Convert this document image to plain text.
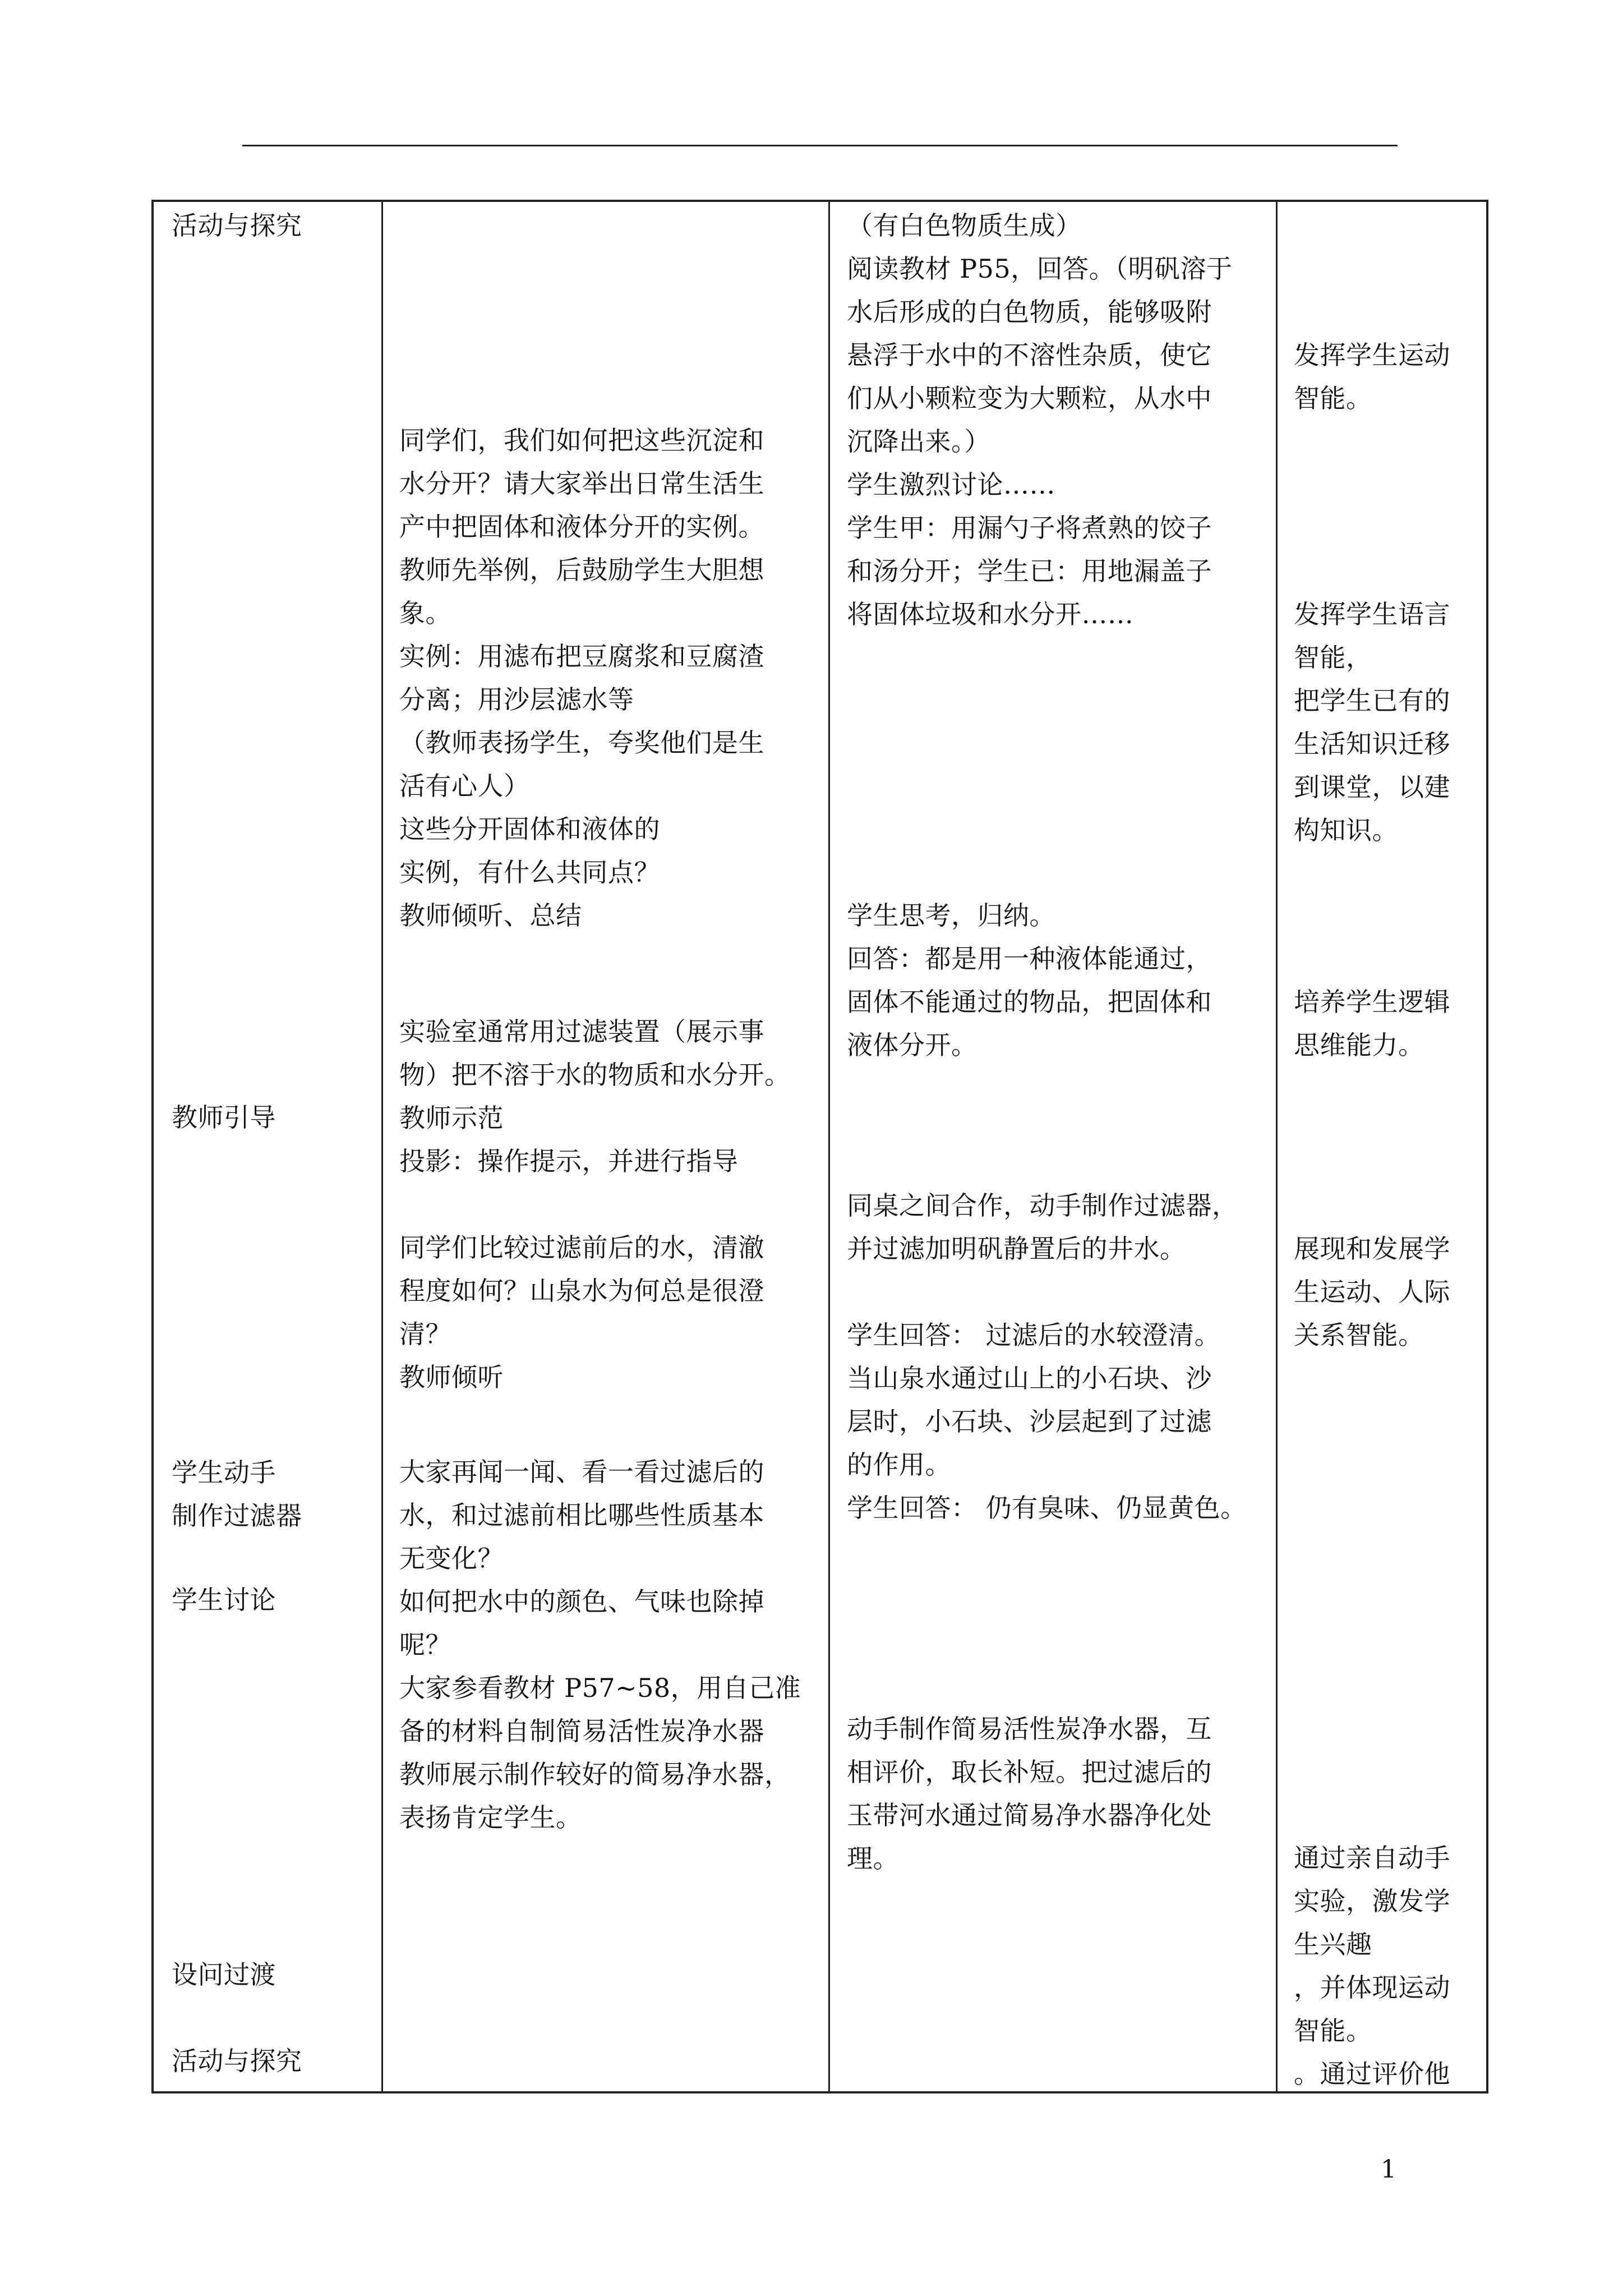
活动与探究
教师引导
学生动手
制作过滤器
学生讨论
设问过渡
活动与探究
同学们，我们如何把这些沉淀和
水分开？请大家举出日常生活生
产中把固体和液体分开的实例。
教师先举例，后鼓励学生大胆想
象。
实例：用滤布把豆腐浆和豆腐渣
分离；用沙层滤水等
（教师表扬学生，夸奖他们是生
活有心人）
这些分开固体和液体的
实例，有什么共同点？
教师倾听、总结
实验室通常用过滤装置（展示事
物）把不溶于水的物质和水分开。
教师示范
投影：操作提示，并进行指导
同学们比较过滤前后的水，清澈
程度如何？山泉水为何总是很澄
清？
教师倾听
大家再闻一闻、看一看过滤后的
水，和过滤前相比哪些性质基本
无变化？
如何把水中的颜色、气味也除掉
呢？
大家参看教材 P57~58，用自己准
备的材料自制简易活性炭净水器
教师展示制作较好的简易净水器，
表扬肯定学生。
（有白色物质生成）
阅读教材 P55，回答。（明矾溶于
水后形成的白色物质，能够吸附
悬浮于水中的不溶性杂质，使它
们从小颗粒变为大颗粒，从水中
沉降出来。）
学生激烈讨论……
学生甲：用漏勺子将煮熟的饺子
和汤分开；学生已：用地漏盖子
将固体垃圾和水分开……
学生思考，归纳。
回答：都是用一种液体能通过，
固体不能通过的物品，把固体和
液体分开。
同桌之间合作，动手制作过滤器，
并过滤加明矾静置后的井水。
学生回答： 过滤后的水较澄清。
当山泉水通过山上的小石块、沙
层时，小石块、沙层起到了过滤
的作用。
学生回答： 仍有臭味、仍显黄色。
动手制作简易活性炭净水器，互
相评价，取长补短。把过滤后的
玉带河水通过简易净水器净化处
理。
发挥学生运动
智能。
发挥学生语言
智能，
把学生已有的
生活知识迁移
到课堂，以建
构知识。
培养学生逻辑
思维能力。
展现和发展学
生运动、人际
关系智能。
通过亲自动手
实验，激发学
生兴趣
，并体现运动
智能。
。通过评价他
1
